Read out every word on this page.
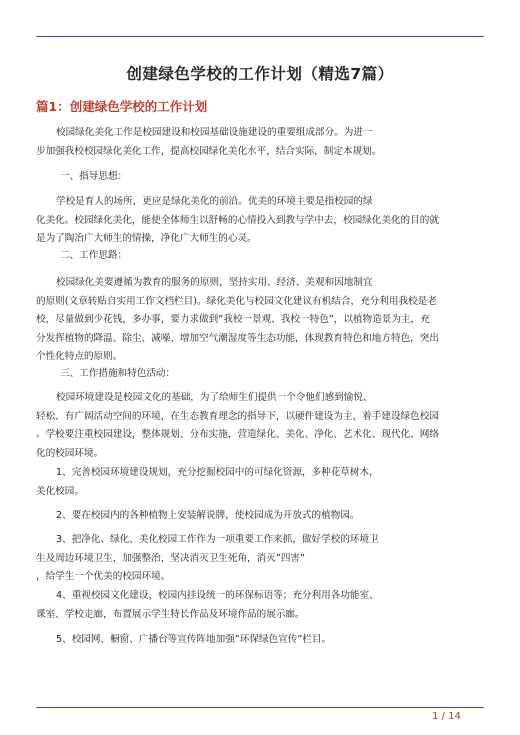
创建绿色学校的工作计划（精选7篇）
篇1：创建绿色学校的工作计划
校园绿化美化工作是校园建设和校园基础设施建设的重要组成部分。为进一
步加强我校校园绿化美化工作，提高校园绿化美化水平，结合实际，制定本规划。
一、指导思想：
学校是育人的场所，更应是绿化美化的前沿。优美的环境主要是指校园的绿
化美化。校园绿化美化，能使全体师生以舒畅的心情投入到教与学中去，校园绿化美化的目的就
是为了陶冶广大师生的情操，净化广大师生的心灵。
二、工作思路：
校园绿化美要遵循为教育的服务的原则，坚持实用、经济、美观和因地制宜
的原则(文章转贴自实用工作文档栏目)。绿化美化与校园文化建议有机结合，充分利用我校是老
校，尽量做到少花钱，多办事，要力求做到”我校一景观、我校一特色”，以植物造景为主，充
分发挥植物的降温、除尘、减噪、增加空气潮湿度等生态功能，体现教育特色和地方特色，突出
个性化特点的原则。
三、工作措施和特色活动：
校园环境建设是校园文化的基础，为了给师生们提供一个令他们感到愉悦、
轻松、有广阔活动空间的环境，在生态教育理念的指导下，以硬件建设为主，着手建设绿色校园
。学校要注重校园建设，整体规划、分布实施，营造绿化、美化、净化、艺术化、现代化、网络
化的校园环境。
1、完善校园环境建设规划，充分挖掘校园中的可绿化资源，多种花草树木，
美化校园。
2、要在校园内的各种植物上安装解说牌，使校园成为开放式的植物园。
3、把净化、绿化、美化校园工作作为一项重要工作来抓，做好学校的环境卫
生及周边环境卫生，加强整治，坚决消灭卫生死角，消灭”四害”
，给学生一个优美的校园环境。
4、重视校园文化建设，校园内挂设统一的环保标语等；充分利用各功能室、
课室、学校走廊，布置展示学生特长作品及环境作品的展示廊。
5、校园网、橱窗、广播台等宣传阵地加强”环保绿色宣传”栏目。
1 / 14
